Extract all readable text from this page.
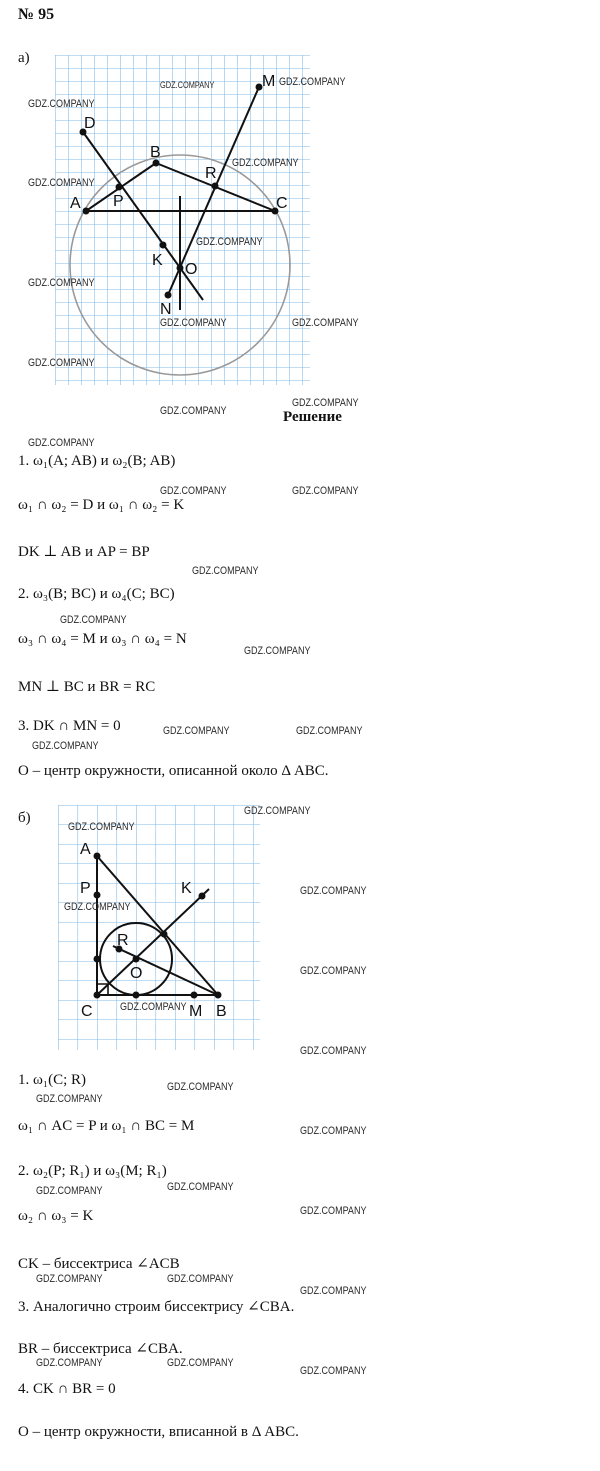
№ 95
а)
D
M
B
R
A P	C
K
O
N
Решение
1. ω₁(A; AB) и ω₂(B; AB)
ω₁ ∩ ω₂ = D и ω₁ ∩ ω₂ = K
DK ⊥ AB и AP = BP
2. ω₃(B; BC) и ω₄(C; BC)
ω₃ ∩ ω₄ = M и ω₃ ∩ ω₄ = N
MN ⊥ BC и BR = RC
3. DK ∩ MN = 0
O – центр окружности, описанной около Δ ABC.
б)
A
P	K
R
O
C	M B
1. ω₁(C; R)
ω₁ ∩ AC = P и ω₁ ∩ BC = M
2. ω₂(P; R₁) и ω₃(M; R₁)
ω₂ ∩ ω₃ = K
CK – биссектриса ∠ACB
3. Аналогично строим биссектрису ∠CBA.
BR – биссектриса ∠CBA.
4. CK ∩ BR = 0
O – центр окружности, вписанной в Δ ABC.
GDZ.COMPANY	GDZ.COMPANY
GDZ.COMPANY
GDZ.COMPANY
GDZ.COMPANY
GDZ.COMPANY
GDZ.COMPANY
GDZ.COMPANY	GDZ.COMPANY
GDZ.COMPANY
GDZ.COMPANY
GDZ.COMPANY
GDZ.COMPANY
GDZ.COMPANY	GDZ.COMPANY
GDZ.COMPANY
GDZ.COMPANY
GDZ.COMPANY
GDZ.COMPANY	GDZ.COMPANY
GDZ.COMPANY
GDZ.COMPANY
GDZ.COMPANY
GDZ.COMPANY
GDZ.COMPANY
GDZ.COMPANY
GDZ.COMPANY
GDZ.COMPANY
GDZ.COMPANY
GDZ.COMPANY
GDZ.COMPANY
GDZ.COMPANY	GDZ.COMPANY
GDZ.COMPANY
GDZ.COMPANY	GDZ.COMPANY
GDZ.COMPANY
GDZ.COMPANY	GDZ.COMPANY
GDZ.COMPANY
